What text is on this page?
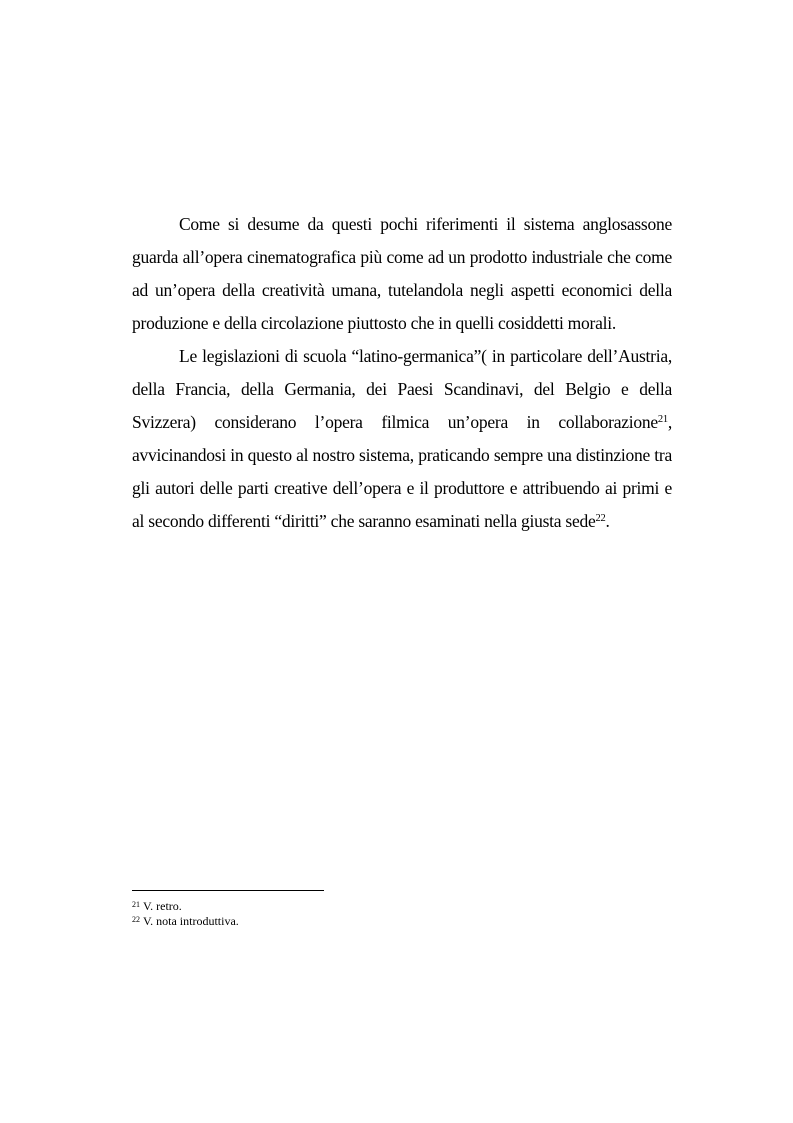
Come si desume da questi pochi riferimenti il sistema anglosassone guarda all’opera cinematografica più come ad un prodotto industriale che come ad un’opera della creatività umana, tutelandola negli aspetti economici della produzione e della circolazione piuttosto che in quelli cosiddetti morali.

Le legislazioni di scuola “latino-germanica”( in particolare dell’Austria, della Francia, della Germania, dei Paesi Scandinavi, del Belgio e della Svizzera) considerano l’opera filmica un’opera in collaborazione$^{21}$, avvicinandosi in questo al nostro sistema, praticando sempre una distinzione tra gli autori delle parti creative dell’opera e il produttore e attribuendo ai primi e al secondo differenti “diritti” che saranno esaminati nella giusta sede$^{22}$.

$^{21}$ V. retro.

$^{22}$ V. nota introduttiva.
